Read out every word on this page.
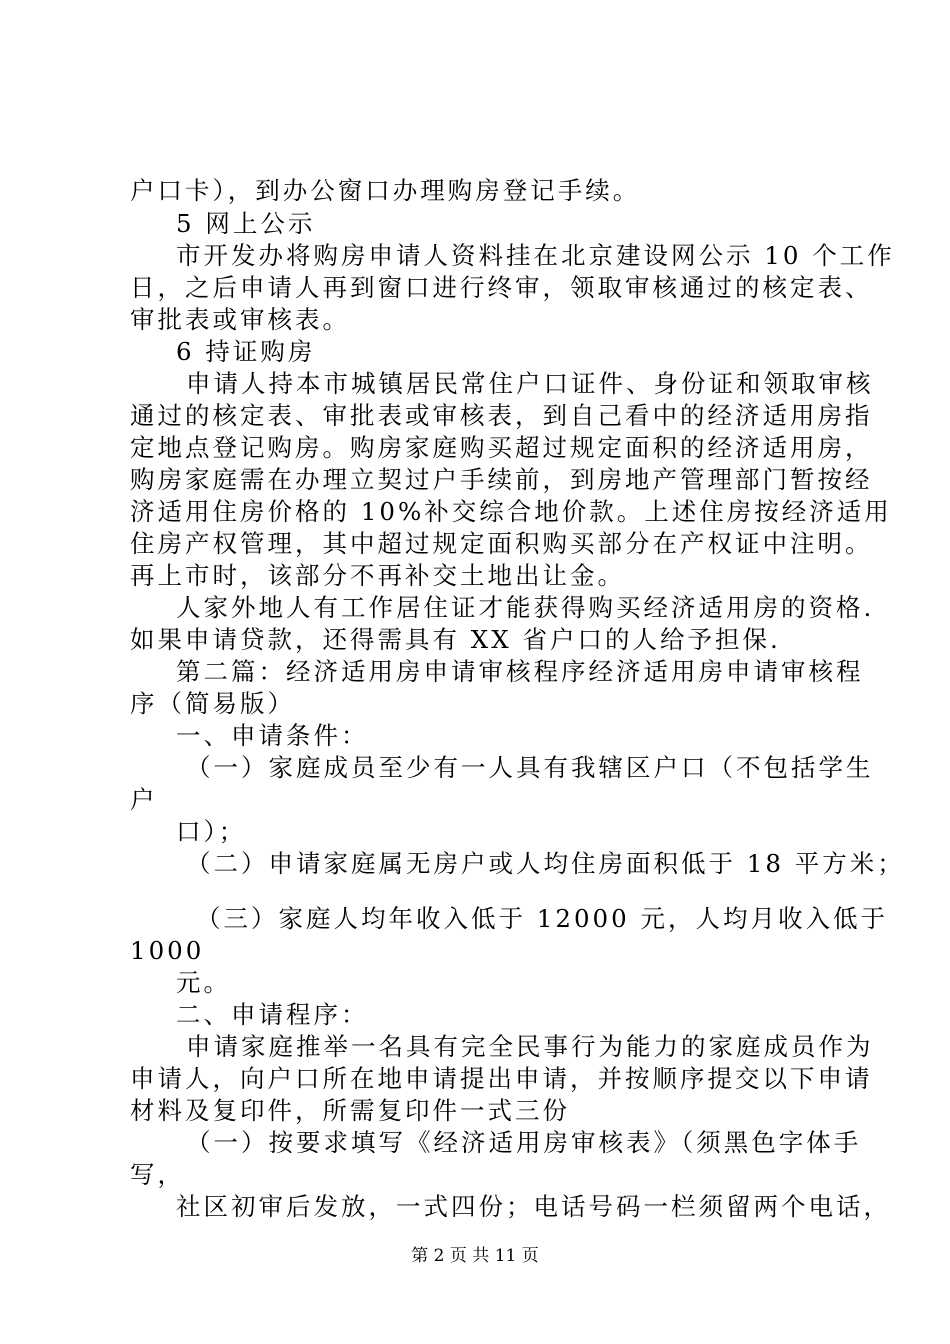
户口卡），到办公窗口办理购房登记手续。
5 网上公示
市开发办将购房申请人资料挂在北京建设网公示 10 个工作
日，之后申请人再到窗口进行终审，领取审核通过的核定表、
审批表或审核表。
6 持证购房
申请人持本市城镇居民常住户口证件、身份证和领取审核
通过的核定表、审批表或审核表，到自己看中的经济适用房指
定地点登记购房。购房家庭购买超过规定面积的经济适用房，
购房家庭需在办理立契过户手续前，到房地产管理部门暂按经
济适用住房价格的 10%补交综合地价款。上述住房按经济适用
住房产权管理，其中超过规定面积购买部分在产权证中注明。
再上市时，该部分不再补交土地出让金。
人家外地人有工作居住证才能获得购买经济适用房的资格.
如果申请贷款，还得需具有 XX 省户口的人给予担保.
第二篇：经济适用房申请审核程序经济适用房申请审核程
序（简易版）
一、申请条件：
（一）家庭成员至少有一人具有我辖区户口（不包括学生
户
口）；
（二）申请家庭属无房户或人均住房面积低于 18 平方米；
（三）家庭人均年收入低于 12000 元，人均月收入低于
1000
元。
二、申请程序：
申请家庭推举一名具有完全民事行为能力的家庭成员作为
申请人，向户口所在地申请提出申请，并按顺序提交以下申请
材料及复印件，所需复印件一式三份
（一）按要求填写《经济适用房审核表》（须黑色字体手
写，
社区初审后发放，一式四份；电话号码一栏须留两个电话，
第 2 页 共 11 页
